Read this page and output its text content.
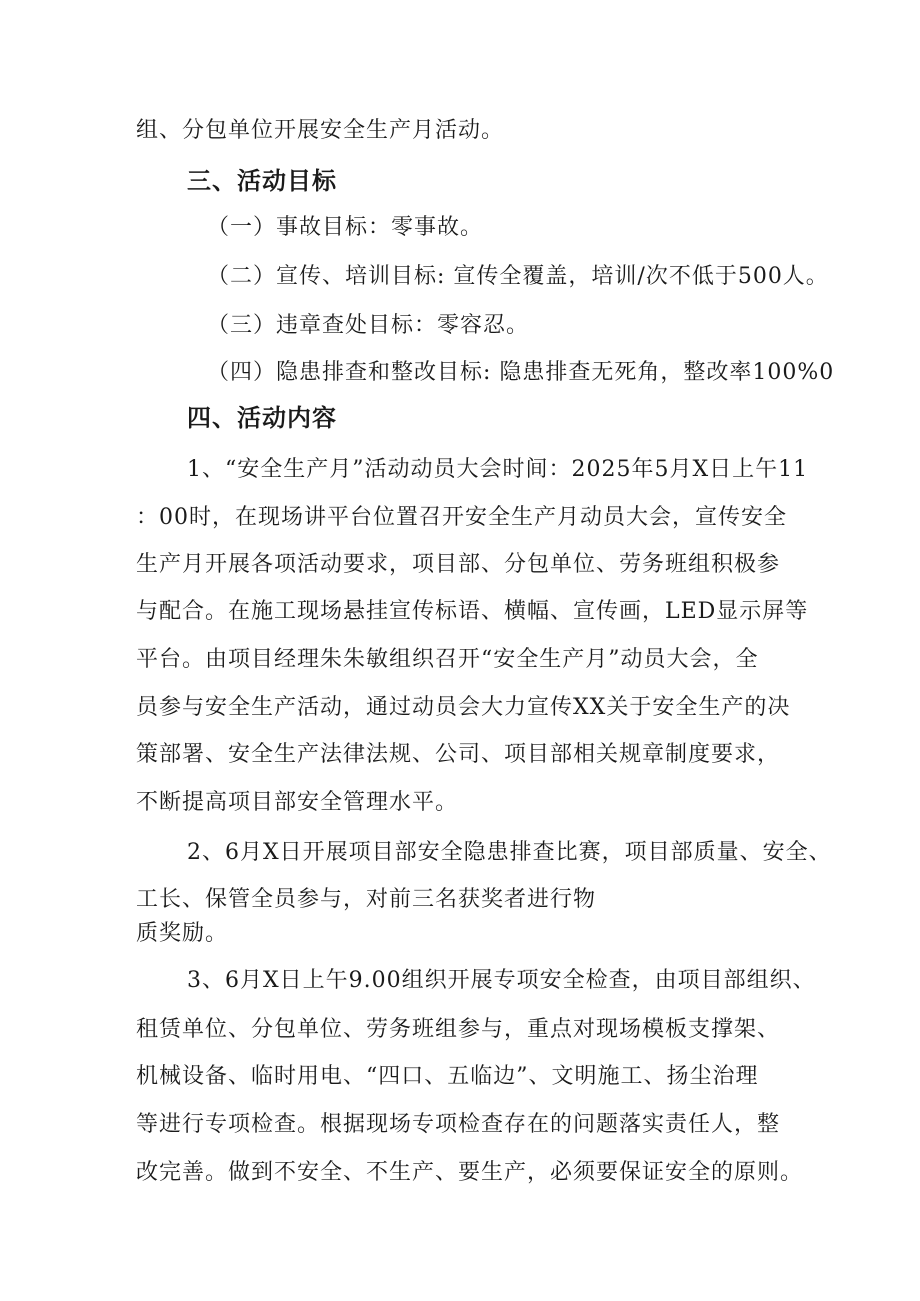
组、分包单位开展安全生产月活动。
三、活动目标
（一）事故目标：零事故。
（二）宣传、培训目标: 宣传全覆盖，培训/次不低于500人。
（三）违章查处目标：零容忍。
（四）隐患排查和整改目标: 隐患排查无死角，整改率100%0
四、活动内容
1、“安全生产月”活动动员大会时间：2025年5月X日上午11
：00时，在现场讲平台位置召开安全生产月动员大会，宣传安全
生产月开展各项活动要求，项目部、分包单位、劳务班组积极参
与配合。在施工现场悬挂宣传标语、横幅、宣传画，LED显示屏等
平台。由项目经理朱朱敏组织召开“安全生产月”动员大会，全
员参与安全生产活动，通过动员会大力宣传XX关于安全生产的决
策部署、安全生产法律法规、公司、项目部相关规章制度要求，
不断提高项目部安全管理水平。
2、6月X日开展项目部安全隐患排查比赛，项目部质量、安全、
工长、保管全员参与，对前三名获奖者进行物
质奖励。
3、6月X日上午9.00组织开展专项安全检查，由项目部组织、
租赁单位、分包单位、劳务班组参与，重点对现场模板支撑架、
机械设备、临时用电、“四口、五临边”、文明施工、扬尘治理
等进行专项检查。根据现场专项检查存在的问题落实责任人，整
改完善。做到不安全、不生产、要生产，必须要保证安全的原则。
